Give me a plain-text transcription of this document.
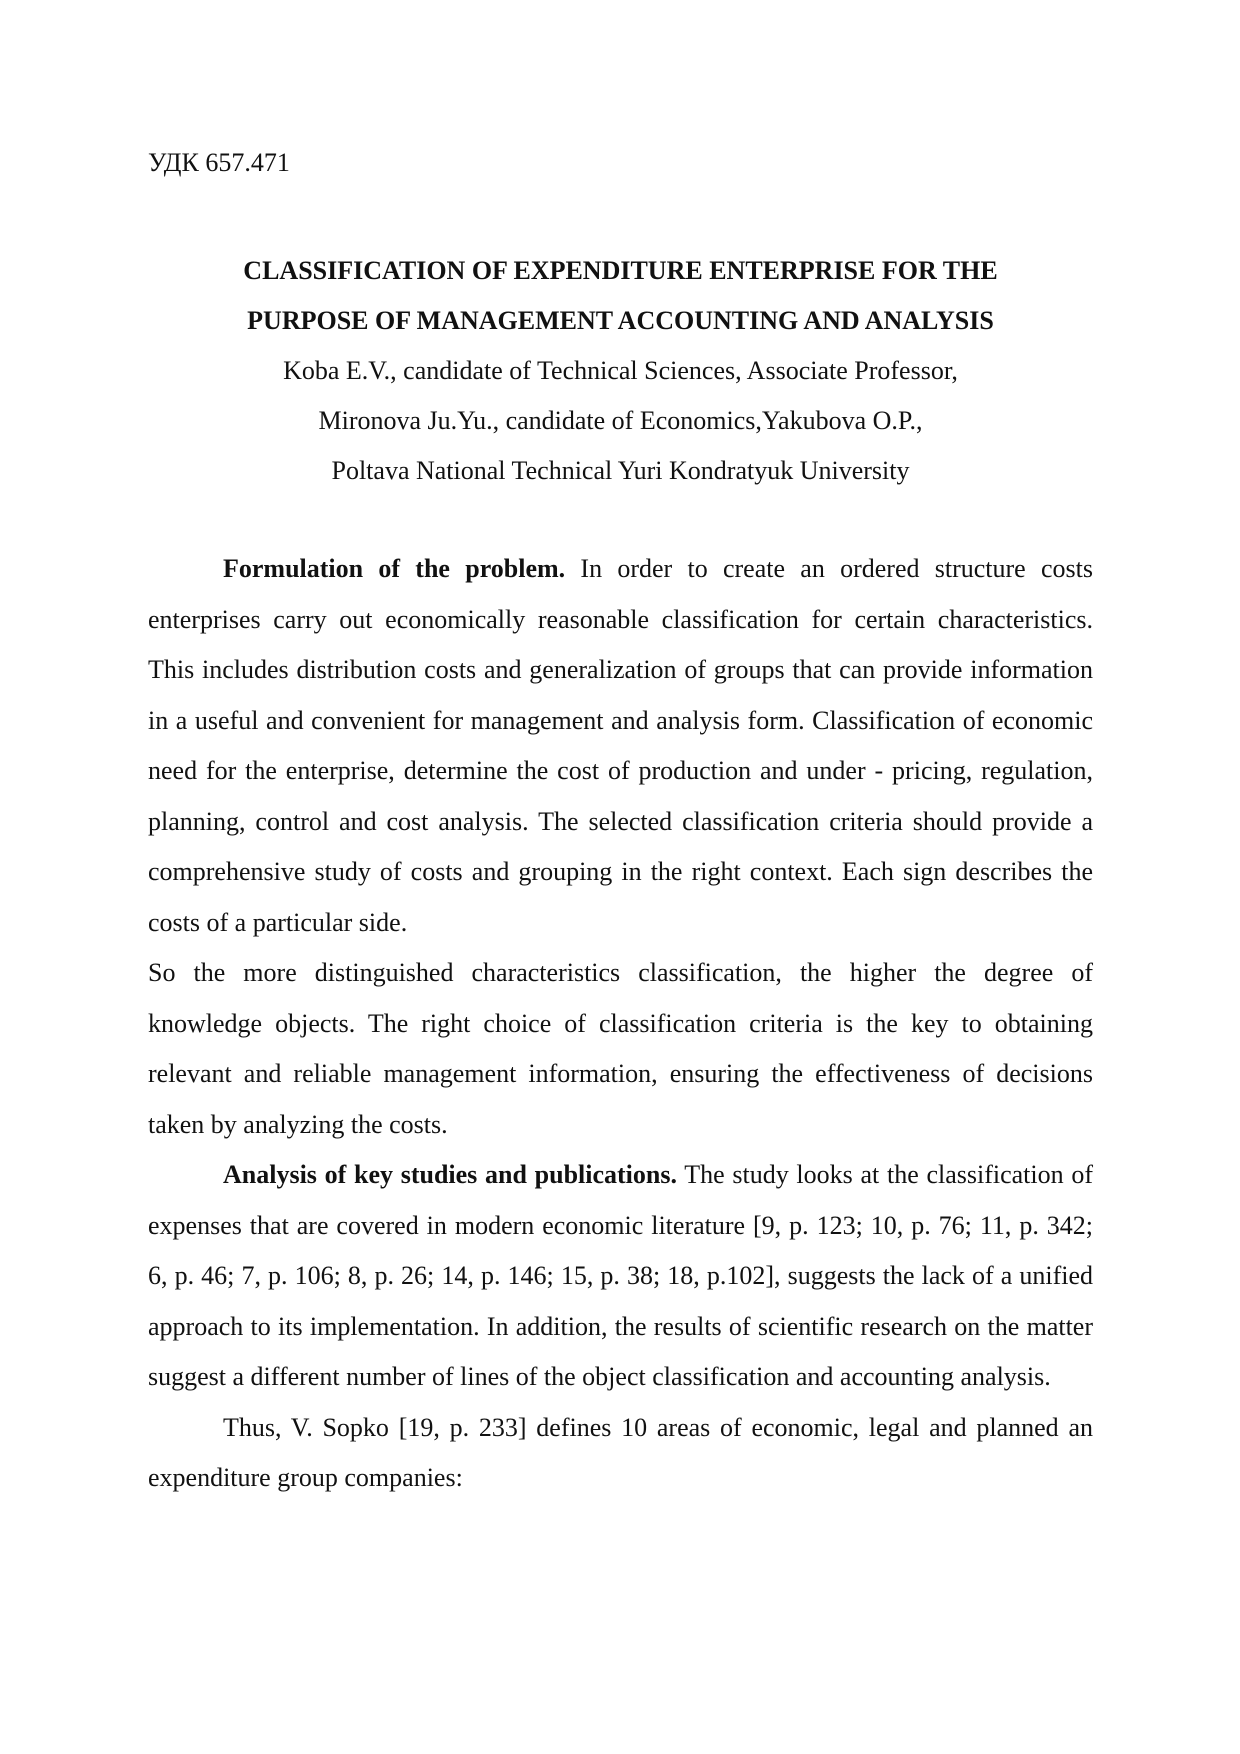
УДК 657.471
CLASSIFICATION OF EXPENDITURE ENTERPRISE FOR THE
PURPOSE OF MANAGEMENT ACCOUNTING AND ANALYSIS
Koba E.V., candidate of Technical Sciences, Associate Professor,
Mironova Ju.Yu., candidate of Economics,Yakubova O.P.,
Poltava National Technical Yuri Kondratyuk University

Formulation of the problem. In order to create an ordered structure costs enterprises carry out economically reasonable classification for certain characteristics. This includes distribution costs and generalization of groups that can provide information in a useful and convenient for management and analysis form. Classification of economic need for the enterprise, determine the cost of production and under - pricing, regulation, planning, control and cost analysis. The selected classification criteria should provide a comprehensive study of costs and grouping in the right context. Each sign describes the costs of a particular side.

So the more distinguished characteristics classification, the higher the degree of knowledge objects. The right choice of classification criteria is the key to obtaining relevant and reliable management information, ensuring the effectiveness of decisions taken by analyzing the costs.

Analysis of key studies and publications. The study looks at the classification of expenses that are covered in modern economic literature [9, p. 123; 10, p. 76; 11, p. 342; 6, p. 46; 7, p. 106; 8, p. 26; 14, p. 146; 15, p. 38; 18, p.102], suggests the lack of a unified approach to its implementation. In addition, the results of scientific research on the matter suggest a different number of lines of the object classification and accounting analysis.

Thus, V. Sopko [19, p. 233] defines 10 areas of economic, legal and planned an expenditure group companies:
